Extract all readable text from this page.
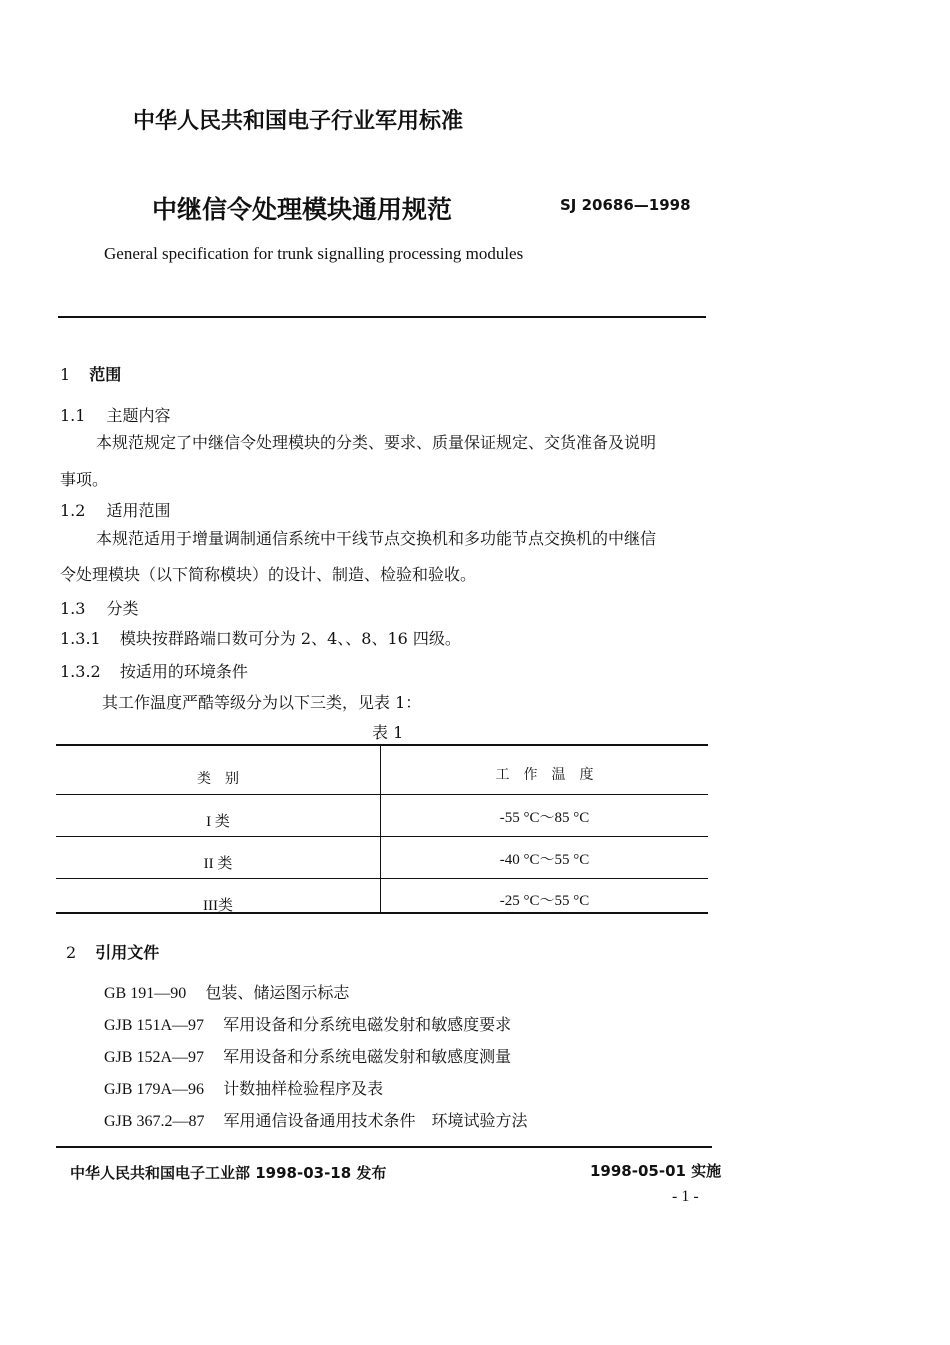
中华人民共和国电子行业军用标准
中继信令处理模块通用规范	SJ 20686—1998
General specification for trunk signalling processing modules
1 范围
1.1 主题内容
本规范规定了中继信令处理模块的分类、要求、质量保证规定、交货准备及说明
事项。
1.2 适用范围
本规范适用于增量调制通信系统中干线节点交换机和多功能节点交换机的中继信
令处理模块（以下简称模块）的设计、制造、检验和验收。
1.3 分类
1.3.1 模块按群路端口数可分为 2、4、、8、16 四级。
1.3.2 按适用的环境条件
其工作温度严酷等级分为以下三类，见表 1：
表 1
类　别	工　作　温　度
I 类	-55 °C～85 °C
II 类	-40 °C～55 °C
III类	-25 °C～55 °C
2 引用文件
GB 191—90 包装、储运图示标志
GJB 151A—97 军用设备和分系统电磁发射和敏感度要求
GJB 152A—97 军用设备和分系统电磁发射和敏感度测量
GJB 179A—96 计数抽样检验程序及表
GJB 367.2—87 军用通信设备通用技术条件　环境试验方法
中华人民共和国电子工业部 1998-03-18 发布	1998-05-01 实施
- 1 -
